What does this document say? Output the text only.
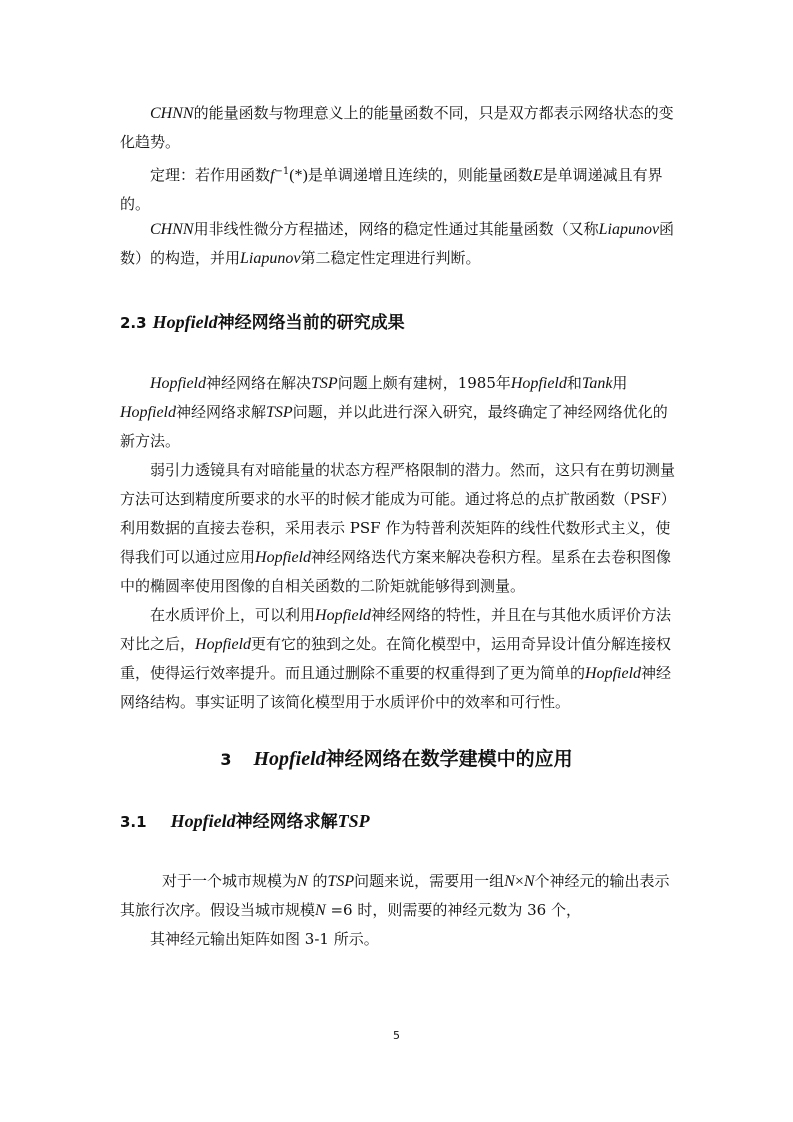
CHNN的能量函数与物理意义上的能量函数不同，只是双方都表示网络状态的变化趋势。

定理：若作用函数$f^{-1}(*)$是单调递增且连续的，则能量函数E是单调递减且有界的。

CHNN用非线性微分方程描述，网络的稳定性通过其能量函数（又称Liapunov函数）的构造，并用Liapunov第二稳定性定理进行判断。

2.3 Hopfield神经网络当前的研究成果

Hopfield神经网络在解决TSP问题上颇有建树，1985年Hopfield和Tank用Hopfield神经网络求解TSP问题，并以此进行深入研究，最终确定了神经网络优化的新方法。

弱引力透镜具有对暗能量的状态方程严格限制的潜力。然而，这只有在剪切测量方法可达到精度所要求的水平的时候才能成为可能。通过将总的点扩散函数（PSF）利用数据的直接去卷积，采用表示 PSF 作为特普利茨矩阵的线性代数形式主义，使得我们可以通过应用Hopfield神经网络迭代方案来解决卷积方程。星系在去卷积图像中的椭圆率使用图像的自相关函数的二阶矩就能够得到测量。

在水质评价上，可以利用Hopfield神经网络的特性，并且在与其他水质评价方法对比之后，Hopfield更有它的独到之处。在简化模型中，运用奇异设计值分解连接权重，使得运行效率提升。而且通过删除不重要的权重得到了更为简单的Hopfield神经网络结构。事实证明了该简化模型用于水质评价中的效率和可行性。

3 Hopfield神经网络在数学建模中的应用
3.1 Hopfield神经网络求解TSP

对于一个城市规模为N 的TSP问题来说，需要用一组N×N个神经元的输出表示其旅行次序。假设当城市规模N =6 时，则需要的神经元数为 36 个，

其神经元输出矩阵如图 3-1 所示。

5
